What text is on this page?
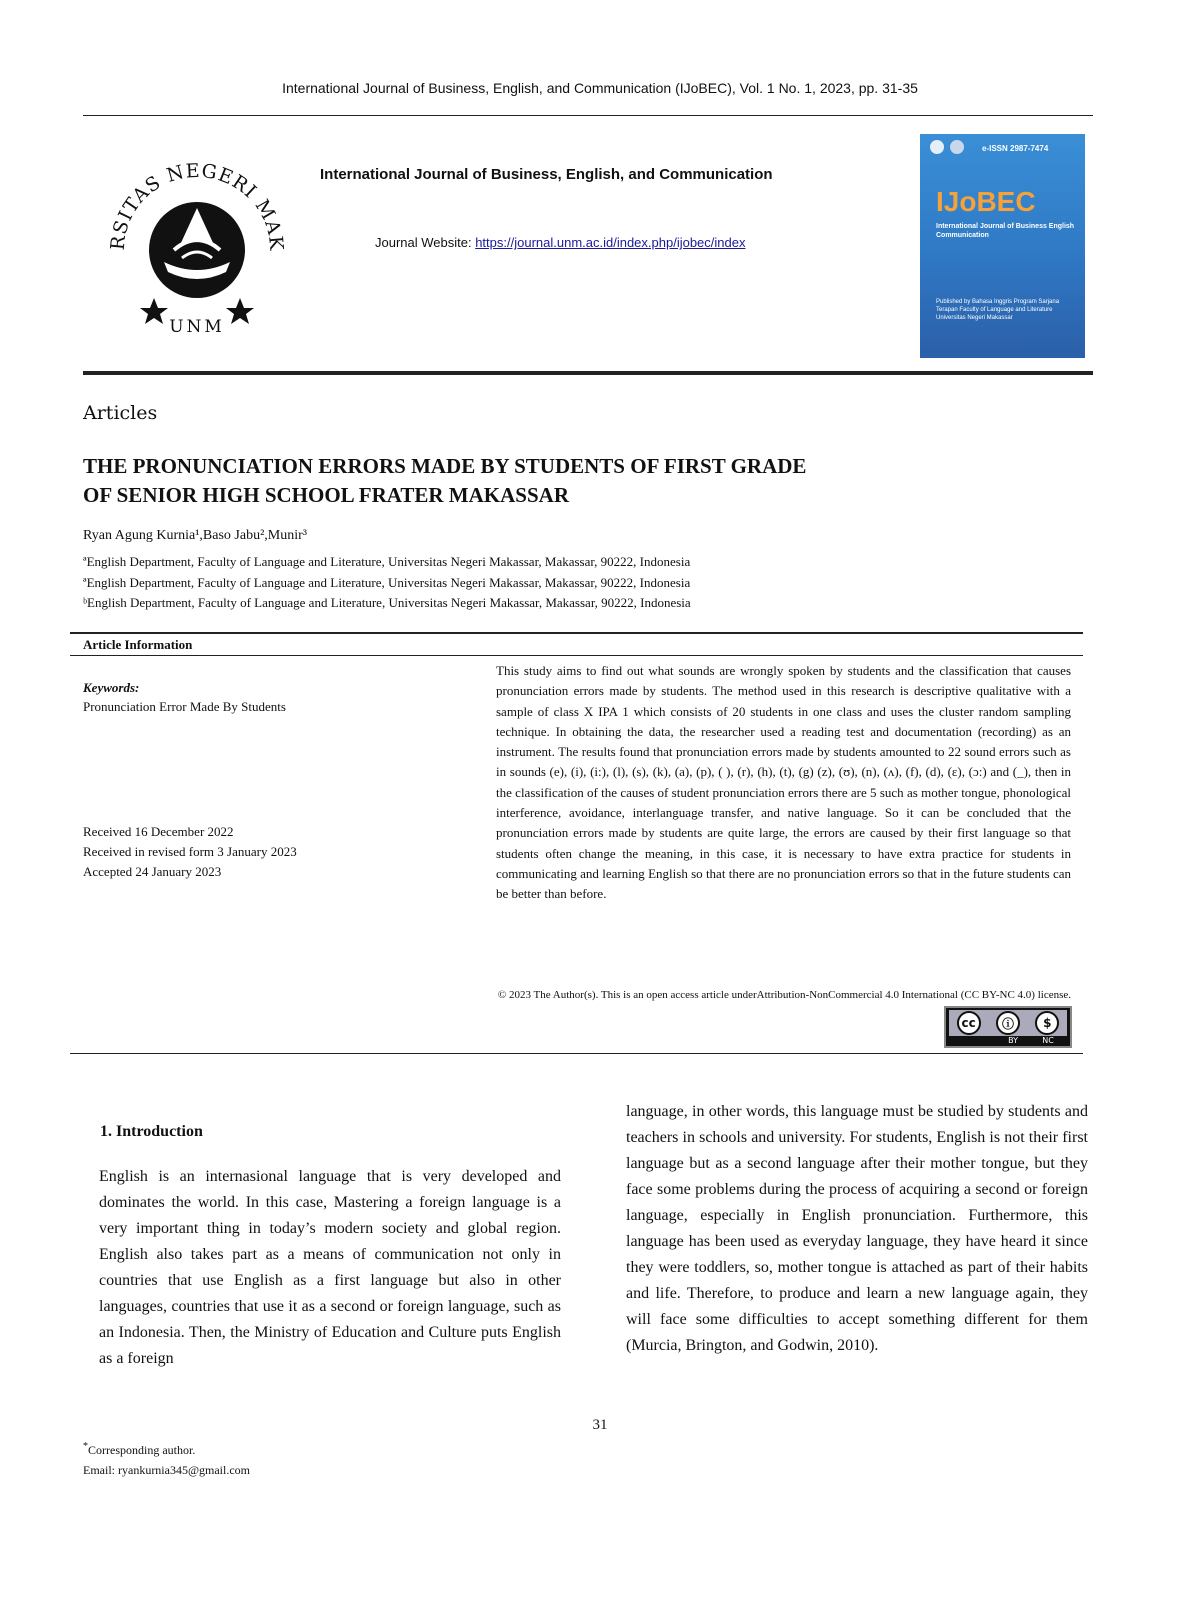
International Journal of Business, English, and Communication (IJoBEC), Vol. 1 No. 1, 2023, pp. 31-35
RSITAS NEGERI MAK
UNM
International Journal of Business, English, and Communication
Journal Website: https://journal.unm.ac.id/index.php/ijobec/index
e-ISSN 2987-7474
IJoBEC
International Journal of Business English Communication
Published by Bahasa Inggris Program Sarjana Terapan Faculty of Language and Literature Universitas Negeri Makassar
Articles
THE PRONUNCIATION ERRORS MADE BY STUDENTS OF FIRST GRADE
OF SENIOR HIGH SCHOOL FRATER MAKASSAR
Ryan Agung Kurnia¹,Baso Jabu²,Munir³
ªEnglish Department, Faculty of Language and Literature, Universitas Negeri Makassar, Makassar, 90222, Indonesia
ªEnglish Department, Faculty of Language and Literature, Universitas Negeri Makassar, Makassar, 90222, Indonesia
ᵇEnglish Department, Faculty of Language and Literature, Universitas Negeri Makassar, Makassar, 90222, Indonesia
Article Information
Keywords:
Pronunciation Error Made By Students
Received 16 December 2022
Received in revised form 3 January 2023
Accepted 24 January 2023
This study aims to find out what sounds are wrongly spoken by students and the classification that causes pronunciation errors made by students. The method used in this research is descriptive qualitative with a sample of class X IPA 1 which consists of 20 students in one class and uses the cluster random sampling technique. In obtaining the data, the researcher used a reading test and documentation (recording) as an instrument. The results found that pronunciation errors made by students amounted to 22 sound errors such as in sounds (e), (i), (i:), (l), (s), (k), (a), (p), ( ), (r), (h), (t), (g) (z), (ʊ), (n), (ʌ), (f), (d), (ɛ), (ɔ:) and (_), then in the classification of the causes of student pronunciation errors there are 5 such as mother tongue, phonological interference, avoidance, interlanguage transfer, and native language. So it can be concluded that the pronunciation errors made by students are quite large, the errors are caused by their first language so that students often change the meaning, in this case, it is necessary to have extra practice for students in communicating and learning English so that there are no pronunciation errors so that in the future students can be better than before.
© 2023 The Author(s). This is an open access article underAttribution-NonCommercial 4.0 International (CC BY-NC 4.0) license.
cc	ⓘ	$
BY	NC
1. Introduction

English is an internasional language that is very developed and dominates the world. In this case, Mastering a foreign language is a very important thing in today’s modern society and global region. English also takes part as a means of communication not only in countries that use English as a first language but also in other languages, countries that use it as a second or foreign language, such as an Indonesia. Then, the Ministry of Education and Culture puts English as a foreign

language, in other words, this language must be studied by students and teachers in schools and university. For students, English is not their first language but as a second language after their mother tongue, but they face some problems during the process of acquiring a second or foreign language, especially in English pronunciation. Furthermore, this language has been used as everyday language, they have heard it since they were toddlers, so, mother tongue is attached as part of their habits and life. Therefore, to produce and learn a new language again, they will face some difficulties to accept something different for them (Murcia, Brington, and Godwin, 2010).

31
*Corresponding author.
Email: ryankurnia345@gmail.com
